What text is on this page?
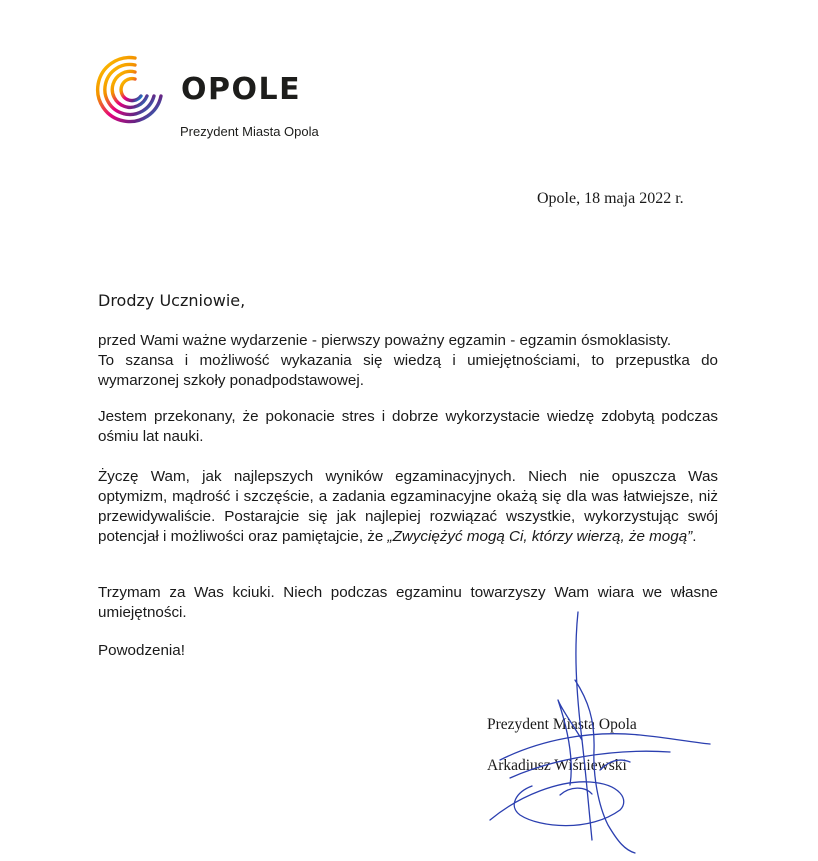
OPOLE
Prezydent Miasta Opola
Opole, 18 maja 2022 r.
Drodzy Uczniowie,

przed Wami ważne wydarzenie - pierwszy poważny egzamin - egzamin ósmoklasisty.
To szansa i możliwość wykazania się wiedzą i umiejętnościami, to przepustka do wymarzonej szkoły ponadpodstawowej.

Jestem przekonany, że pokonacie stres i dobrze wykorzystacie wiedzę zdobytą podczas ośmiu lat nauki.

Życzę Wam, jak najlepszych wyników egzaminacyjnych. Niech nie opuszcza Was optymizm, mądrość i szczęście, a zadania egzaminacyjne okażą się dla was łatwiejsze, niż przewidywaliście. Postarajcie się jak najlepiej rozwiązać wszystkie, wykorzystując swój potencjał i możliwości oraz pamiętajcie, że „Zwyciężyć mogą Ci, którzy wierzą, że mogą”.

Trzymam za Was kciuki. Niech podczas egzaminu towarzyszy Wam wiara we własne umiejętności.

Powodzenia!

Prezydent Miasta Opola
Arkadiusz Wiśniewski
